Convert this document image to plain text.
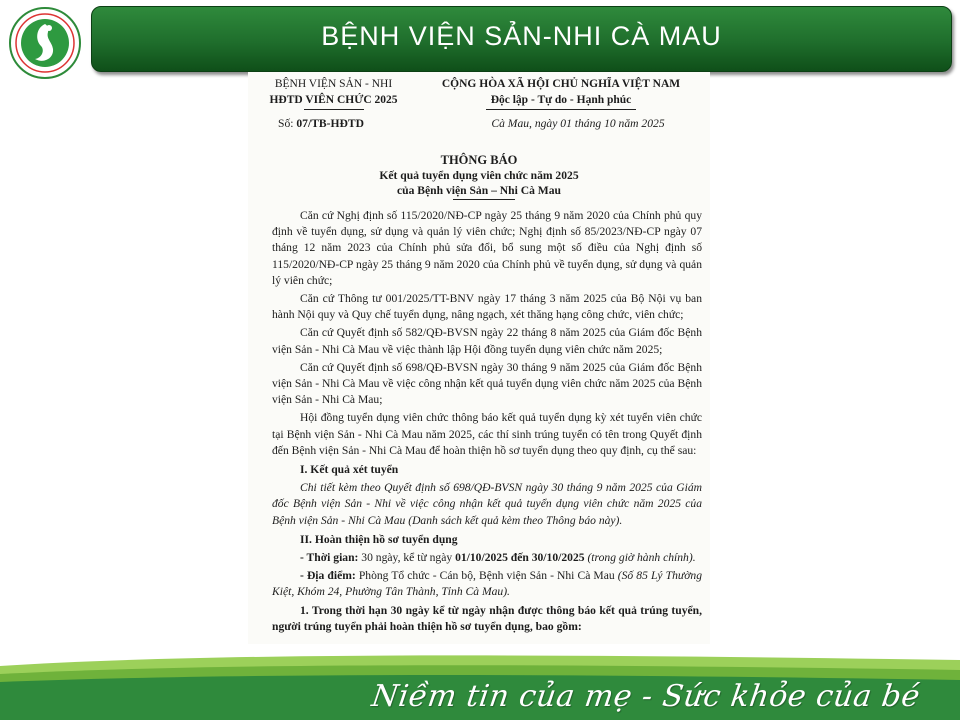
BỆNH VIỆN SẢN-NHI CÀ MAU
BỆNH VIỆN SẢN - NHI
HĐTD VIÊN CHỨC 2025
CỘNG HÒA XÃ HỘI CHỦ NGHĨA VIỆT NAM
Độc lập - Tự do - Hạnh phúc
Số: 07/TB-HĐTD	Cà Mau, ngày 01 tháng 10 năm 2025
THÔNG BÁO
Kết quả tuyển dụng viên chức năm 2025
của Bệnh viện Sản – Nhi Cà Mau

Căn cứ Nghị định số 115/2020/NĐ-CP ngày 25 tháng 9 năm 2020 của Chính phủ quy định về tuyển dụng, sử dụng và quản lý viên chức; Nghị định số 85/2023/NĐ-CP ngày 07 tháng 12 năm 2023 của Chính phủ sửa đổi, bổ sung một số điều của Nghị định số 115/2020/NĐ-CP ngày 25 tháng 9 năm 2020 của Chính phủ về tuyển dụng, sử dụng và quản lý viên chức;

Căn cứ Thông tư 001/2025/TT-BNV ngày 17 tháng 3 năm 2025 của Bộ Nội vụ ban hành Nội quy và Quy chế tuyển dụng, nâng ngạch, xét thăng hạng công chức, viên chức;

Căn cứ Quyết định số 582/QĐ-BVSN ngày 22 tháng 8 năm 2025 của Giám đốc Bệnh viện Sản - Nhi Cà Mau về việc thành lập Hội đồng tuyển dụng viên chức năm 2025;

Căn cứ Quyết định số 698/QĐ-BVSN ngày 30 tháng 9 năm 2025 của Giám đốc Bệnh viện Sản - Nhi Cà Mau về việc công nhận kết quả tuyển dụng viên chức năm 2025 của Bệnh viện Sản - Nhi Cà Mau;

Hội đồng tuyển dụng viên chức thông báo kết quả tuyển dụng kỳ xét tuyển viên chức tại Bệnh viện Sản - Nhi Cà Mau năm 2025, các thí sinh trúng tuyển có tên trong Quyết định đến Bệnh viện Sản - Nhi Cà Mau để hoàn thiện hồ sơ tuyển dụng theo quy định, cụ thể sau:

I. Kết quả xét tuyển

Chi tiết kèm theo Quyết định số 698/QĐ-BVSN ngày 30 tháng 9 năm 2025 của Giám đốc Bệnh viện Sản - Nhi về việc công nhận kết quả tuyển dụng viên chức năm 2025 của Bệnh viện Sản - Nhi Cà Mau (Danh sách kết quả kèm theo Thông báo này).

II. Hoàn thiện hồ sơ tuyển dụng

- Thời gian: 30 ngày, kể từ ngày 01/10/2025 đến 30/10/2025 (trong giờ hành chính).

- Địa điểm: Phòng Tổ chức - Cán bộ, Bệnh viện Sản - Nhi Cà Mau (Số 85 Lý Thường Kiệt, Khóm 24, Phường Tân Thành, Tỉnh Cà Mau).

1. Trong thời hạn 30 ngày kể từ ngày nhận được thông báo kết quả trúng tuyển, người trúng tuyển phải hoàn thiện hồ sơ tuyển dụng, bao gồm:

Niềm tin của mẹ - Sức khỏe của bé
